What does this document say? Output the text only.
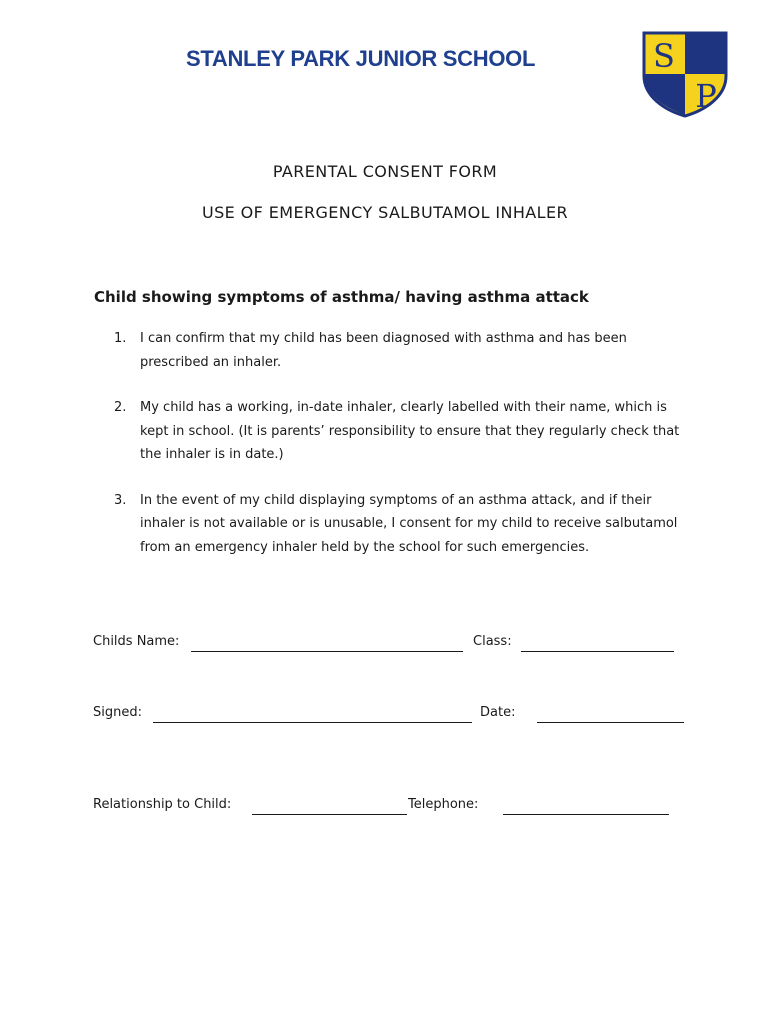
STANLEY PARK JUNIOR SCHOOL	S
P
PARENTAL CONSENT FORM
USE OF EMERGENCY SALBUTAMOL INHALER
Child showing symptoms of asthma/ having asthma attack
1. I can confirm that my child has been diagnosed with asthma and has been prescribed an inhaler.
2. My child has a working, in-date inhaler, clearly labelled with their name, which is kept in school. (It is parents’ responsibility to ensure that they regularly check that the inhaler is in date.)
3. In the event of my child displaying symptoms of an asthma attack, and if their inhaler is not available or is unusable, I consent for my child to receive salbutamol from an emergency inhaler held by the school for such emergencies.
Childs Name:	Class:
Signed:	Date:
Relationship to Child:	Telephone:
